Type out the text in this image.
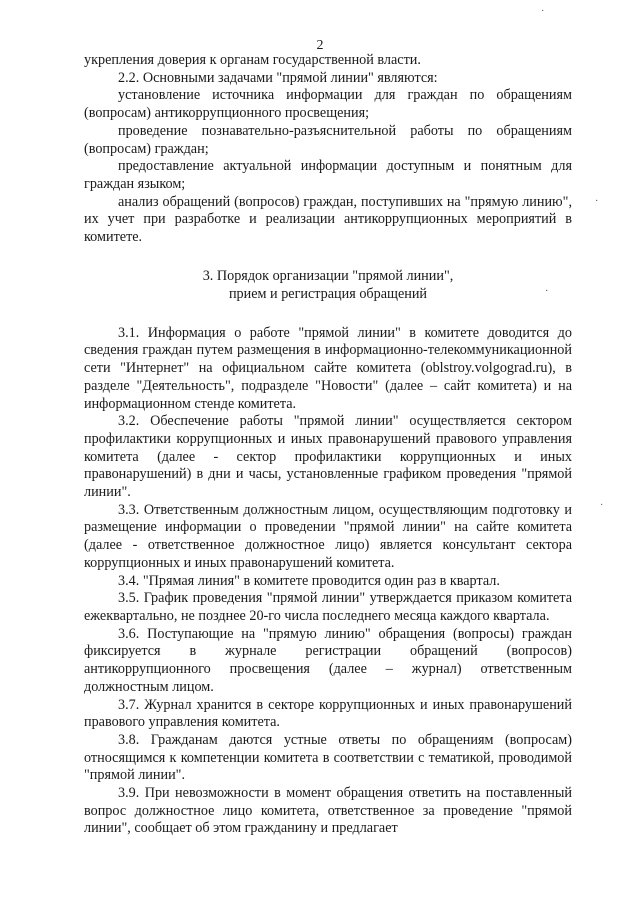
2
·
·
·
·

укрепления доверия к органам государственной власти.

2.2. Основными задачами "прямой линии" являются:

установление источника информации для граждан по обращениям (вопросам) антикоррупционного просвещения;

проведение познавательно-разъяснительной работы по обращениям (вопросам) граждан;

предоставление актуальной информации доступным и понятным для граждан языком;

анализ обращений (вопросов) граждан, поступивших на "прямую линию", их учет при разработке и реализации антикоррупционных мероприятий в комитете.

3. Порядок организации "прямой линии",
прием и регистрация обращений

3.1. Информация о работе "прямой линии" в комитете доводится до сведения граждан путем размещения в информационно-телекоммуникационной сети "Интернет" на официальном сайте комитета (oblstroy.volgograd.ru), в разделе "Деятельность", подразделе "Новости" (далее – сайт комитета) и на информационном стенде комитета.

3.2. Обеспечение работы "прямой линии" осуществляется сектором профилактики коррупционных и иных правонарушений правового управления комитета (далее - сектор профилактики коррупционных и иных правонарушений) в дни и часы, установленные графиком проведения "прямой линии".

3.3. Ответственным должностным лицом, осуществляющим подготовку и размещение информации о проведении "прямой линии" на сайте комитета (далее - ответственное должностное лицо) является консультант сектора коррупционных и иных правонарушений комитета.

3.4. "Прямая линия" в комитете проводится один раз в квартал.

3.5. График проведения "прямой линии" утверждается приказом комитета ежеквартально, не позднее 20-го числа последнего месяца каждого квартала.

3.6. Поступающие на "прямую линию" обращения (вопросы) граждан фиксируется в журнале регистрации обращений (вопросов) антикоррупционного просвещения (далее – журнал) ответственным должностным лицом.

3.7. Журнал хранится в секторе коррупционных и иных правонарушений правового управления комитета.

3.8. Гражданам даются устные ответы по обращениям (вопросам) относящимся к компетенции комитета в соответствии с тематикой, проводимой "прямой линии".

3.9. При невозможности в момент обращения ответить на поставленный вопрос должностное лицо комитета, ответственное за проведение "прямой линии", сообщает об этом гражданину и предлагает
